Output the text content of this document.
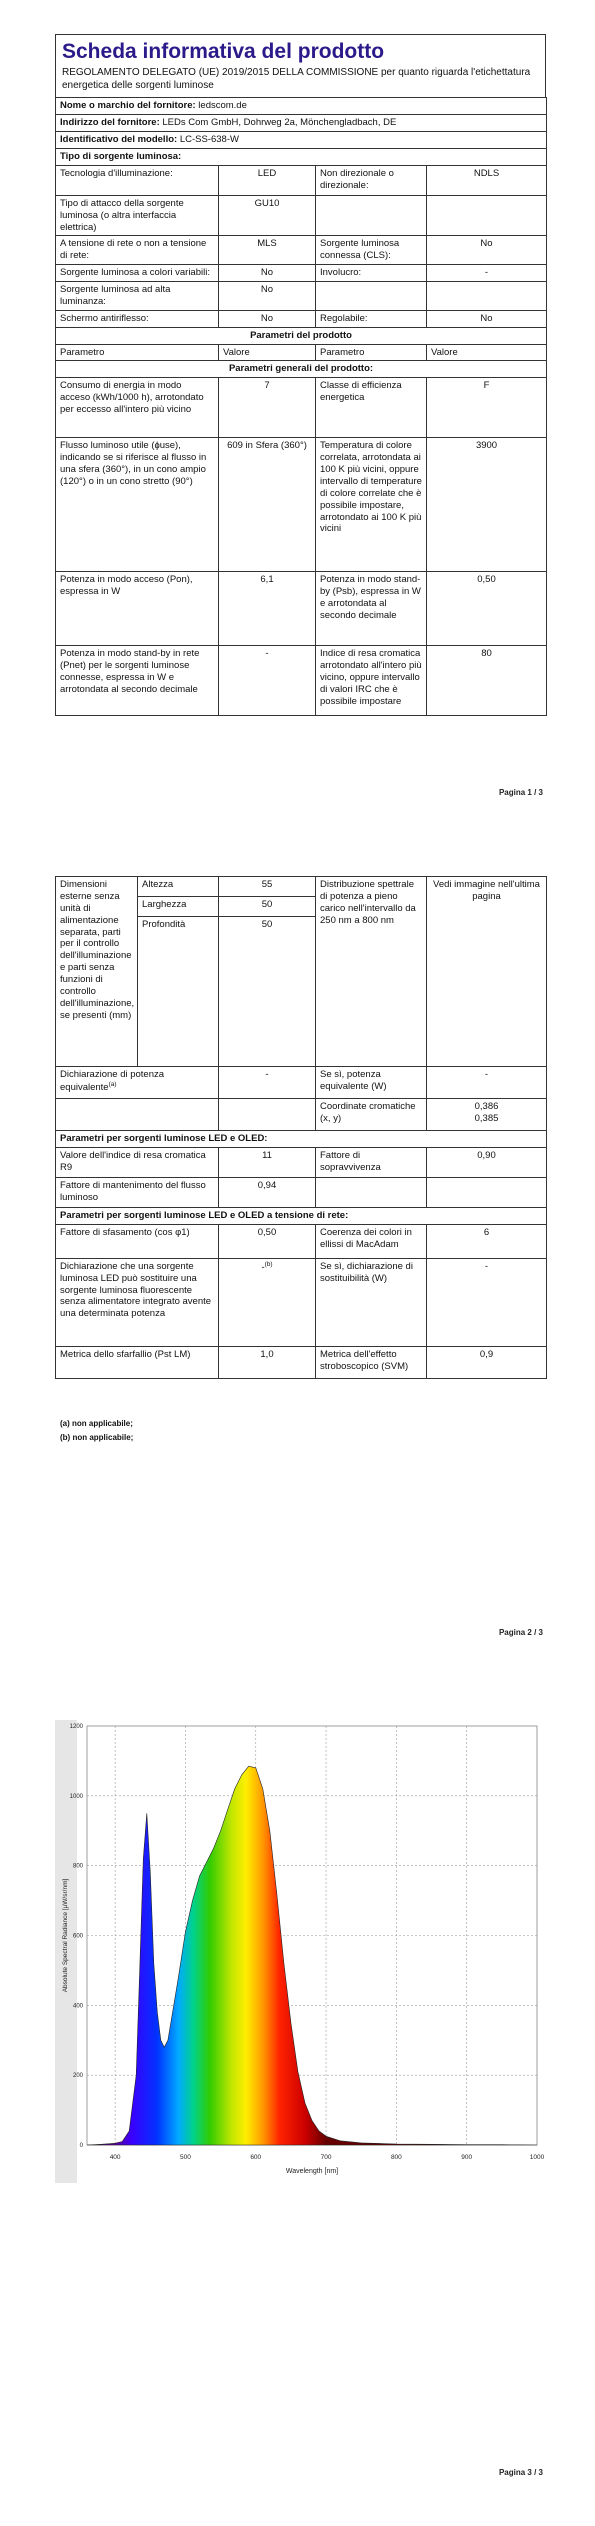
Scheda informativa del prodotto
REGOLAMENTO DELEGATO (UE) 2019/2015 DELLA COMMISSIONE per quanto riguarda l'etichettatura energetica delle sorgenti luminose
Nome o marchio del fornitore: ledscom.de			
Indirizzo del fornitore: LEDs Com GmbH, Dohrweg 2a, Mönchengladbach, DE			
Identificativo del modello: LC-SS-638-W			
Tipo di sorgente luminosa:			
Tecnologia d'illuminazione:	LED	Non direzionale o direzionale:	NDLS
Tipo di attacco della sorgente luminosa (o altra interfaccia elettrica)	GU10		
A tensione di rete o non a tensione di rete:	MLS	Sorgente luminosa connessa (CLS):	No
Sorgente luminosa a colori variabili:	No	Involucro:	-
Sorgente luminosa ad alta luminanza:	No		
Schermo antiriflesso:	No	Regolabile:	No
Parametri del prodotto			
Parametro	Valore	Parametro	Valore
Parametri generali del prodotto:			
Consumo di energia in modo acceso (kWh/1000 h), arrotondato per eccesso all'intero più vicino	7	Classe di efficienza energetica	F
Flusso luminoso utile (ɸuse), indicando se si riferisce al flusso in una sfera (360°), in un cono ampio (120°) o in un cono stretto (90°)	609 in Sfera (360°)	Temperatura di colore correlata, arrotondata ai 100 K più vicini, oppure intervallo di temperature di colore correlate che è possibile impostare, arrotondato ai 100 K più vicini	3900
Potenza in modo acceso (Pon), espressa in W	6,1	Potenza in modo stand-by (Psb), espressa in W e arrotondata al secondo decimale	0,50
Potenza in modo stand-by in rete (Pnet) per le sorgenti luminose connesse, espressa in W e arrotondata al secondo decimale	-	Indice di resa cromatica arrotondato all'intero più vicino, oppure intervallo di valori IRC che è possibile impostare	80
Pagina 1 / 3
Dimensioni esterne senza unità di alimentazione separata, parti per il controllo dell'illuminazione e parti senza funzioni di controllo dell'illuminazione, se presenti (mm)	Altezza	55	Distribuzione spettrale di potenza a pieno carico nell'intervallo da 250 nm a 800 nm	Vedi immagine nell'ultima pagina
	Larghezza	50		
	Profondità	50		
Dichiarazione di potenza equivalente$^{(a)}$		-	Se sì, potenza equivalente (W)	-
			Coordinate cromatiche (x, y)	0,386
0,385

Parametri per sorgenti luminose LED e OLED:				
Valore dell'indice di resa cromatica R9		11	Fattore di sopravvivenza	0,90
Fattore di mantenimento del flusso luminoso		0,94		
Parametri per sorgenti luminose LED e OLED a tensione di rete:				
Fattore di sfasamento (cos φ1)		0,50	Coerenza dei colori in ellissi di MacAdam	6
Dichiarazione che una sorgente luminosa LED può sostituire una sorgente luminosa fluorescente senza alimentatore integrato avente una determinata potenza		-$^{(b)}$	Se sì, dichiarazione di sostituibilità (W)	-
Metrica dello sfarfallio (Pst LM)		1,0	Metrica dell'effetto stroboscopico (SVM)	0,9
(a) non applicabile;
(b) non applicabile;
Pagina 2 / 3
400	500	600	700	800	900	1000
0
200
400
600
800
1000
1200
Wavelength [nm]
Absolute Spectral Radiance [µW/sr/nm]
Pagina 3 / 3
